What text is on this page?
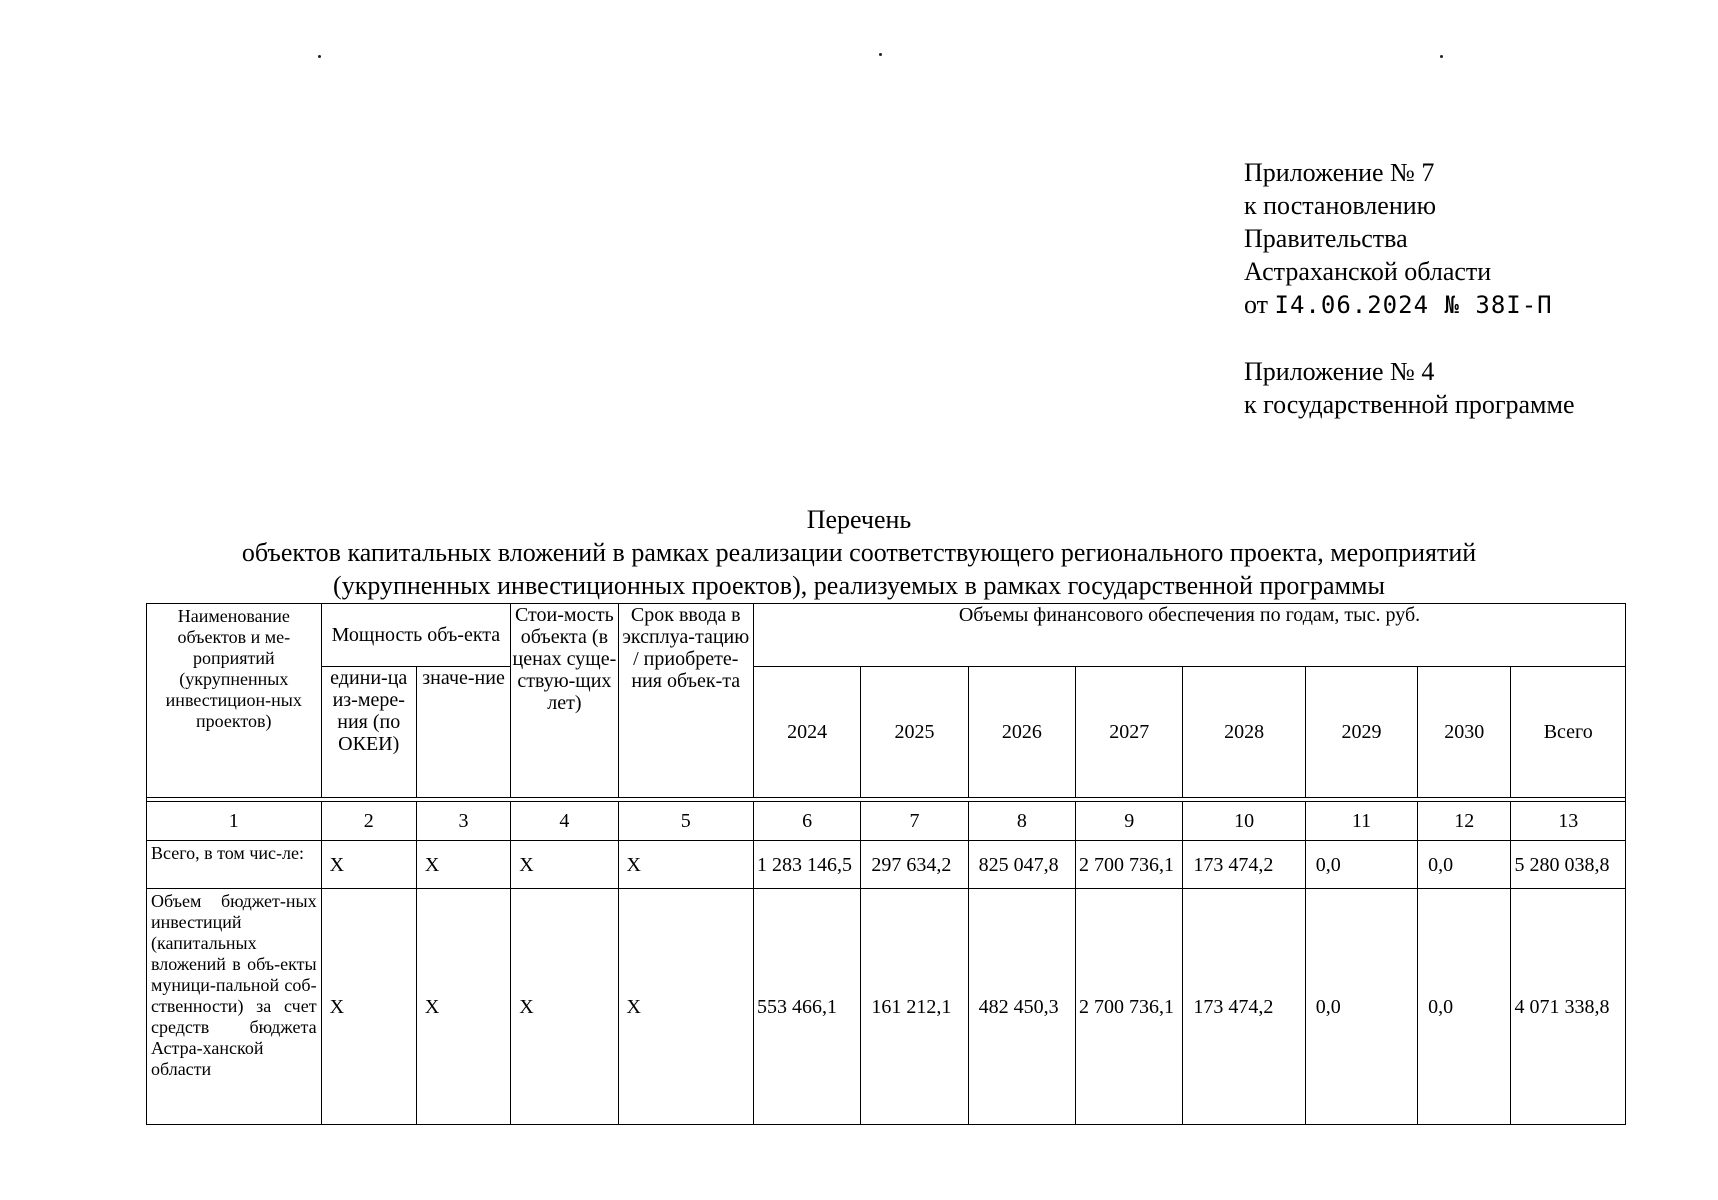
Приложение № 7
к постановлению
Правительства
Астраханской области
от I4.06.2024 № 38I-П
Приложение № 4
к государственной программе
Перечень
объектов капитальных вложений в рамках реализации соответствующего регионального проекта, мероприятий
(укрупненных инвестиционных проектов), реализуемых в рамках государственной программы
Наименование объектов и ме-роприятий (укрупненных инвестицион-ных проектов)	Мощность объ-екта		Стои-мость объекта (в ценах суще-ствую-щих лет)	Срок ввода в эксплуа-тацию / приобрете-ния объек-та	Объемы финансового обеспечения по годам, тыс. руб.							
	едини-ца из-мере-ния (по ОКЕИ)	значе-ние			2024	2025	2026	2027	2028	2029	2030	Всего

1	2	3	4	5	6	7	8	9	10	11	12	13
Всего, в том чис-ле:	Х	Х	Х	Х	1 283 146,5	297 634,2	825 047,8	2 700 736,1	173 474,2	0,0	0,0	5 280 038,8
Объем бюджет-ных инвестиций (капитальных вложений в объ-екты муници-пальной соб-ственности) за счет средств бюджета Астра-ханской области	Х	Х	Х	Х	553 466,1	161 212,1	482 450,3	2 700 736,1	173 474,2	0,0	0,0	4 071 338,8
